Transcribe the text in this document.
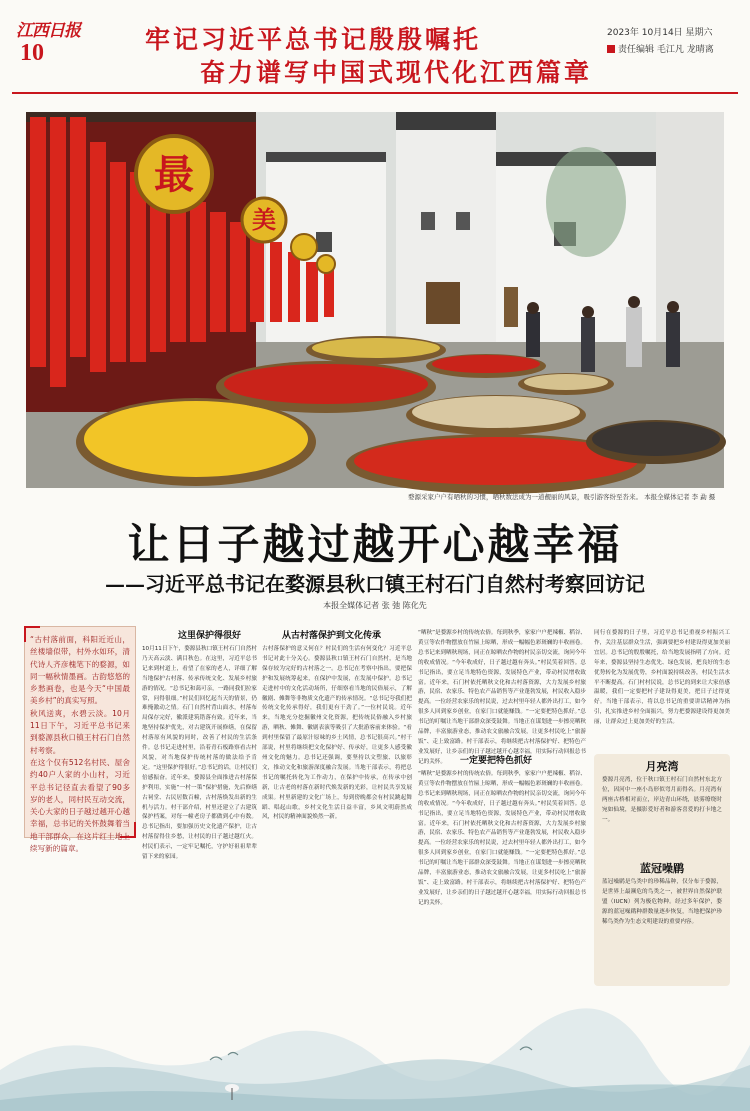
江西日报
10	牢记习近平总书记殷殷嘱托
奋力谱写中国式现代化江西篇章
2023年 10月14日 星期六
责任编辑 毛江凡 龙晴离
最
美
婺源采家户户有晒秋的习惯，晒秋数法成为一道靓丽的风景，吸引游客纷至沓来。 本报全媒体记者 李 勐 摄
让日子越过越开心越幸福
——习近平总书记在婺源县秋口镇王村石门自然村考察回访记
本报全媒体记者 张 弛 陈化先
“古村落前面，科阳近近山，丝楼墙似带，村外水如环，清代诗人齐彦槐笔下的婺源，如同一幅秋情墨画。古韵悠悠的乡愁画卷，也是今天“中国最美乡村”的真实写照。
秋风送爽，水碧云淡。10月11日下午，习近平总书记来到婺源县秋口镇王村石门自然村考察。
在这个仅有512名村民、屋舍约40户人家的小山村，习近平总书记径直去看望了90多岁的老人，同村民互动交流，关心大家的日子越过越开心越幸福，总书记的关怀鼓舞着当地干部群众，在这片红土地上续写新的篇章。
这里保护得很好
10月11日下午，婺源县秋口镇王村石门自然村乃天高云淡、满目秋色。在这里，习近平总书记来到村道上，看望了在家的老人，详细了解当地保护古村落、传承传统文化、发展乡村旅游的情况。“总书记和蔼可亲，一路同我们拉家常，问得很细。”村民们回忆起当天的情景，仍难掩激动之情。石门自然村背山面水，村落布局保存完好，徽派建筑错落有致。近年来，当地坚持保护优先，对古建筑开展修缮，在保留村落原有风貌的同时，改善了村民的生活条件。总书记走进村里，沿着青石板路察看古村风貌，对当地保护传统村落的做法给予肯定。“这里保护得很好。”总书记的话，让村民们倍感振奋。近年来，婺源县全面推进古村落保护利用，实施“一村一策”保护措施，先后修缮古祠堂、古民居数百幢，古村落焕发出新的生机与活力。村干部介绍，村里还建立了古建筑保护档案，对每一幢老房子都做到心中有数。总书记指出，要加强历史文化遗产保护，让古村落留得住乡愁，让村民的日子越过越红火。村民们表示，一定牢记嘱托，守护好祖祖辈辈留下来的家园。
从古村落保护到文化传承
古村落保护的意义何在？村民们的生活有何变化？习近平总书记对此十分关心。婺源县秋口镇王村石门自然村，是当地保存较为完好的古村落之一。总书记在考察中指出，要把保护和发展统筹起来，在保护中发展，在发展中保护。总书记走进村中的文化活动场所，仔细察看当地的民俗展示，了解徽剧、傩舞等非物质文化遗产的传承情况。“总书记夸我们把传统文化传承得好，我们更有干劲了。”一位村民说。近年来，当地充分挖掘徽州文化资源，把传统民俗融入乡村旅游，晒秋、傩舞、徽剧表演等吸引了大批游客前来体验。“看到村里保留了最原汁原味的乡土风情，总书记很高兴。”村干部说，村里将继续把文化保护好、传承好，让更多人感受徽州文化的魅力。总书记还强调，要坚持以文塑旅、以旅彰文，推动文化和旅游深度融合发展。当地干部表示，将把总书记的嘱托转化为工作动力，在保护中传承，在传承中创新，让古老的村落在新时代焕发新的光彩，让村民共享发展成果。村里新建的文化广场上，每到傍晚都会有村民跳起舞蹈、唱起山歌，乡村文化生活日益丰富，乡风文明蔚然成风，村民的精神面貌焕然一新。
“晒秋”是婺源乡村的传统农俗。每到秋季，家家户户把辣椒、稻谷、黄豆等农作物摆放在竹匾上晾晒，形成一幅幅色彩斑斓的丰收画卷。总书记来到晒秋现场，同正在晾晒农作物的村民亲切交流，询问今年的收成情况。“今年收成好，日子越过越有奔头。”村民笑着回答。总书记指出，要立足当地特色资源，发展特色产业，带动村民增收致富。近年来，石门村依托晒秋文化和古村落资源，大力发展乡村旅游，民宿、农家乐、特色农产品销售等产业蓬勃发展，村民收入稳步提高。一位经营农家乐的村民说，过去村里年轻人都外出打工，如今很多人回到家乡创业，在家门口就能赚钱。“一定要把特色抓好。”总书记的叮嘱让当地干部群众深受鼓舞。当地正在谋划进一步擦亮晒秋品牌，丰富旅游业态，推动农文旅融合发展，让更多村民吃上“旅游饭”、走上致富路。村干部表示，将继续把古村落保护好、把特色产业发展好，让乡亲们的日子越过越开心越幸福，用实际行动回报总书记的关怀。	一定要把特色抓好
“晒秋”是婺源乡村的传统农俗。每到秋季，家家户户把辣椒、稻谷、黄豆等农作物摆放在竹匾上晾晒，形成一幅幅色彩斑斓的丰收画卷。总书记来到晒秋现场，同正在晾晒农作物的村民亲切交流，询问今年的收成情况。“今年收成好，日子越过越有奔头。”村民笑着回答。总书记指出，要立足当地特色资源，发展特色产业，带动村民增收致富。近年来，石门村依托晒秋文化和古村落资源，大力发展乡村旅游，民宿、农家乐、特色农产品销售等产业蓬勃发展，村民收入稳步提高。一位经营农家乐的村民说，过去村里年轻人都外出打工，如今很多人回到家乡创业，在家门口就能赚钱。“一定要把特色抓好。”总书记的叮嘱让当地干部群众深受鼓舞。当地正在谋划进一步擦亮晒秋品牌，丰富旅游业态，推动农文旅融合发展，让更多村民吃上“旅游饭”、走上致富路。村干部表示，将继续把古村落保护好、把特色产业发展好，让乡亲们的日子越过越开心越幸福，用实际行动回报总书记的关怀。
同行在婺源的日子里，习近平总书记重视乡村振兴工作，关注基层群众生活，强调要把乡村建设得更加美丽宜居。总书记的殷殷嘱托，给当地发展指明了方向。近年来，婺源县坚持生态优先、绿色发展，把良好的生态优势转化为发展优势，乡村面貌持续改善，村民生活水平不断提高。石门村村民说，总书记的到来让大家倍感温暖，我们一定要把村子建设得更美，把日子过得更好。当地干部表示，将以总书记的重要讲话精神为指引，扎实推进乡村全面振兴，努力把婺源建设得更加美丽，让群众过上更加美好的生活。
月亮湾
婺源月亮湾，位于秋口镇王村石门自然村东北方位，因河中一座小岛形似弯月而得名。月亮湾有两座古桥相对而立，岸边青山环绕，晨雾缭绕时宛如仙境，是摄影爱好者和游客喜爱的打卡地之一。
蓝冠噪鹛
蓝冠噪鹛是鸟类中的珍稀品种，仅分布于婺源，是世界上最濒危的鸟类之一，被世界自然保护联盟（IUCN）列为极危物种。经过多年保护，婺源的蓝冠噪鹛种群数量逐步恢复，当地把保护珍稀鸟类作为生态文明建设的重要内容。
